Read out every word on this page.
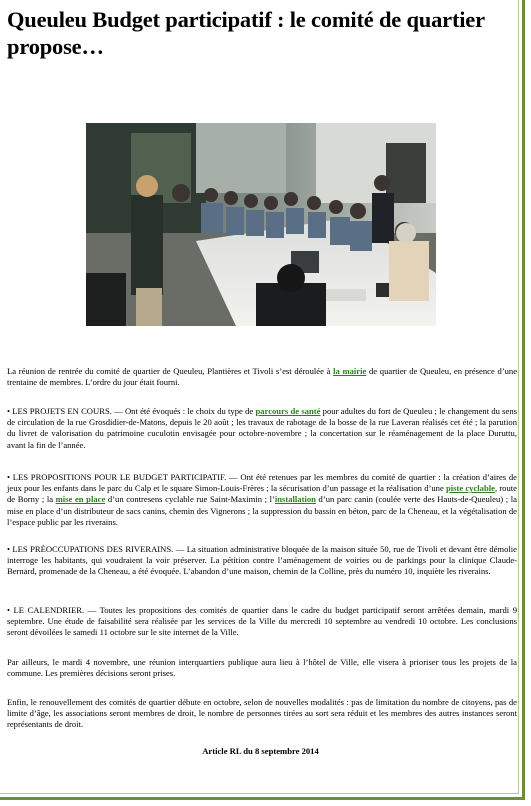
Queuleu Budget participatif : le comité de quartier propose…
La réunion de rentrée du comité de quartier de Queuleu, Plantières et Tivoli s’est déroulée à la mairie de quartier de Queuleu, en présence d’une trentaine de membres. L’ordre du jour était fourni.
• LES PROJETS EN COURS. — Ont été évoqués : le choix du type de parcours de santé pour adultes du fort de Queuleu ; le changement du sens de circulation de la rue Grosdidier-de-Matons, depuis le 20 août ; les travaux de rabotage de la bosse de la rue Laveran réalisés cet été ; la parution du livret de valorisation du patrimoine cuculotin envisagée pour octobre-novembre ; la concertation sur le réaménagement de la place Duruttu, avant la fin de l’année.
• LES PROPOSITIONS POUR LE BUDGET PARTICIPATIF. — Ont été retenues par les membres du comité de quartier : la création d’aires de jeux pour les enfants dans le parc du Calp et le square Simon-Louis-Frères ; la sécurisation d’un passage et la réalisation d’une piste cyclable, route de Borny ; la mise en place d’un contresens cyclable rue Saint-Maximin ; l’installation d’un parc canin (coulée verte des Hauts-de-Queuleu) ; la mise en place d’un distributeur de sacs canins, chemin des Vignerons ; la suppression du bassin en béton, parc de la Cheneau, et la végétalisation de l’espace public par les riverains.
• LES PRÉOCCUPATIONS DES RIVERAINS. — La situation administrative bloquée de la maison située 50, rue de Tivoli et devant être démolie interroge les habitants, qui voudraient la voir préserver. La pétition contre l’aménagement de voiries ou de parkings pour la clinique Claude-Bernard, promenade de la Cheneau, a été évoquée. L’abandon d’une maison, chemin de la Colline, près du numéro 10, inquiète les riverains.
• LE CALENDRIER. — Toutes les propositions des comités de quartier dans le cadre du budget participatif seront arrêtées demain, mardi 9 septembre. Une étude de faisabilité sera réalisée par les services de la Ville du mercredi 10 septembre au vendredi 10 octobre. Les conclusions seront dévoilées le samedi 11 octobre sur le site internet de la Ville.
Par ailleurs, le mardi 4 novembre, une réunion interquartiers publique aura lieu à l’hôtel de Ville, elle visera à prioriser tous les projets de la commune. Les premières décisions seront prises.
Enfin, le renouvellement des comités de quartier débute en octobre, selon de nouvelles modalités : pas de limitation du nombre de citoyens, pas de limite d’âge, les associations seront membres de droit, le nombre de personnes tirées au sort sera réduit et les membres des autres instances seront représentants de droit.
Article RL du 8 septembre 2014
